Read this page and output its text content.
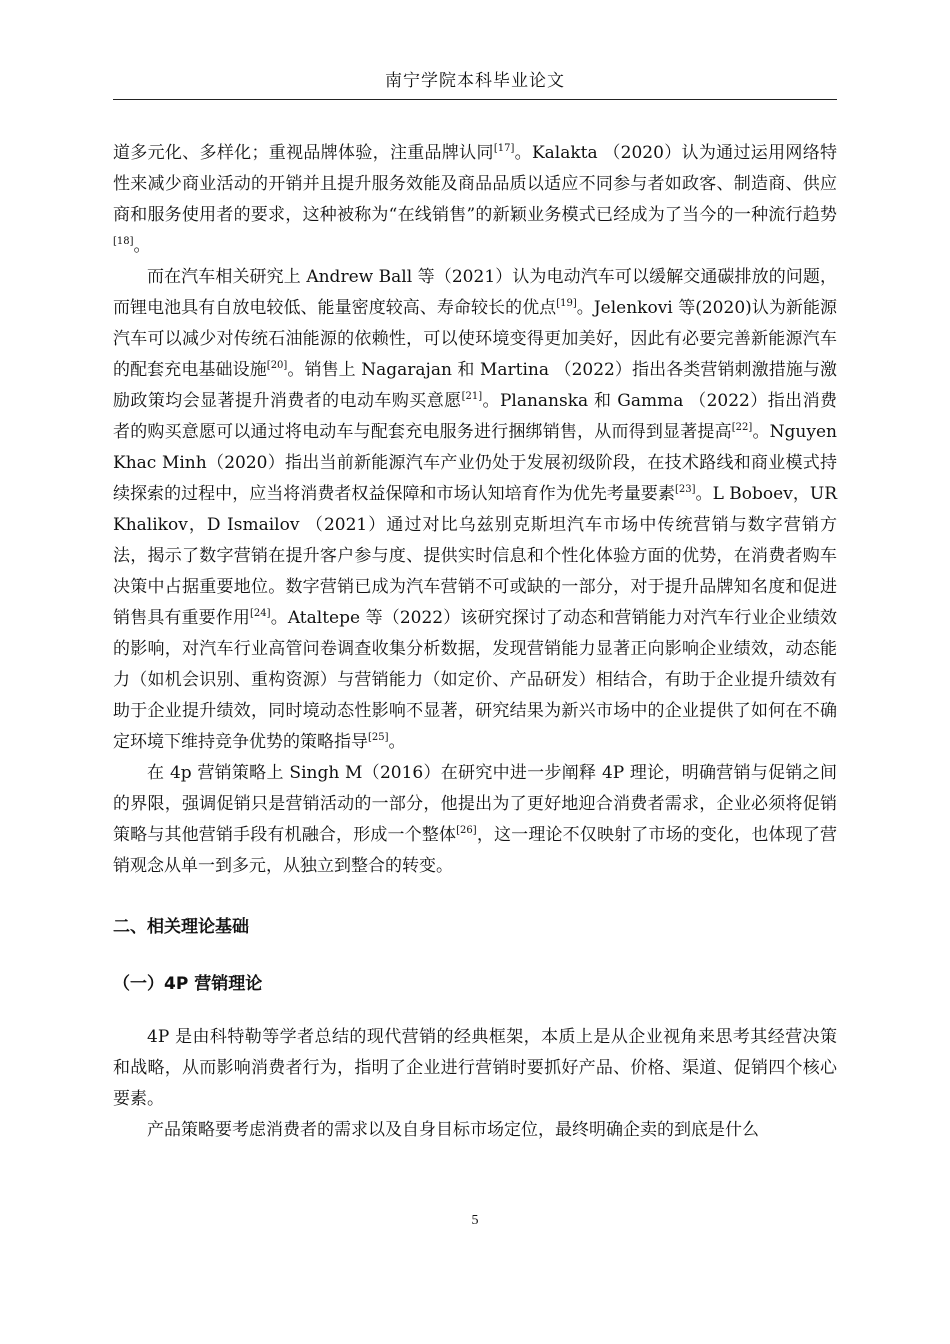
南宁学院本科毕业论文

道多元化、多样化；重视品牌体验，注重品牌认同[17]。Kalakta （2020）认为通过运用网络特性来减少商业活动的开销并且提升服务效能及商品品质以适应不同参与者如政客、制造商、供应商和服务使用者的要求，这种被称为“在线销售”的新颖业务模式已经成为了当今的一种流行趋势[18]。

而在汽车相关研究上 Andrew Ball 等（2021）认为电动汽车可以缓解交通碳排放的问题，而锂电池具有自放电较低、能量密度较高、寿命较长的优点[19]。Jelenkovi 等(2020)认为新能源汽车可以减少对传统石油能源的依赖性，可以使环境变得更加美好，因此有必要完善新能源汽车的配套充电基础设施[20]。销售上 Nagarajan 和 Martina （2022）指出各类营销刺激措施与激励政策均会显著提升消费者的电动车购买意愿[21]。Plananska 和 Gamma （2022）指出消费者的购买意愿可以通过将电动车与配套充电服务进行捆绑销售，从而得到显著提高[22]。Nguyen Khac Minh（2020）指出当前新能源汽车产业仍处于发展初级阶段，在技术路线和商业模式持续探索的过程中，应当将消费者权益保障和市场认知培育作为优先考量要素[23]。L Boboev，UR Khalikov，D Ismailov （2021）通过对比乌兹别克斯坦汽车市场中传统营销与数字营销方法，揭示了数字营销在提升客户参与度、提供实时信息和个性化体验方面的优势，在消费者购车决策中占据重要地位。数字营销已成为汽车营销不可或缺的一部分，对于提升品牌知名度和促进销售具有重要作用[24]。Ataltepe 等（2022）该研究探讨了动态和营销能力对汽车行业企业绩效的影响，对汽车行业高管问卷调查收集分析数据，发现营销能力显著正向影响企业绩效，动态能力（如机会识别、重构资源）与营销能力（如定价、产品研发）相结合，有助于企业提升绩效有助于企业提升绩效，同时境动态性影响不显著，研究结果为新兴市场中的企业提供了如何在不确定环境下维持竞争优势的策略指导[25]。

在 4p 营销策略上 Singh M（2016）在研究中进一步阐释 4P 理论，明确营销与促销之间的界限，强调促销只是营销活动的一部分，他提出为了更好地迎合消费者需求，企业必须将促销策略与其他营销手段有机融合，形成一个整体[26]，这一理论不仅映射了市场的变化，也体现了营销观念从单一到多元，从独立到整合的转变。

二、相关理论基础
（一）4P 营销理论

4P 是由科特勒等学者总结的现代营销的经典框架，本质上是从企业视角来思考其经营决策和战略，从而影响消费者行为，指明了企业进行营销时要抓好产品、价格、渠道、促销四个核心要素。

产品策略要考虑消费者的需求以及自身目标市场定位，最终明确企卖的到底是什么

5
